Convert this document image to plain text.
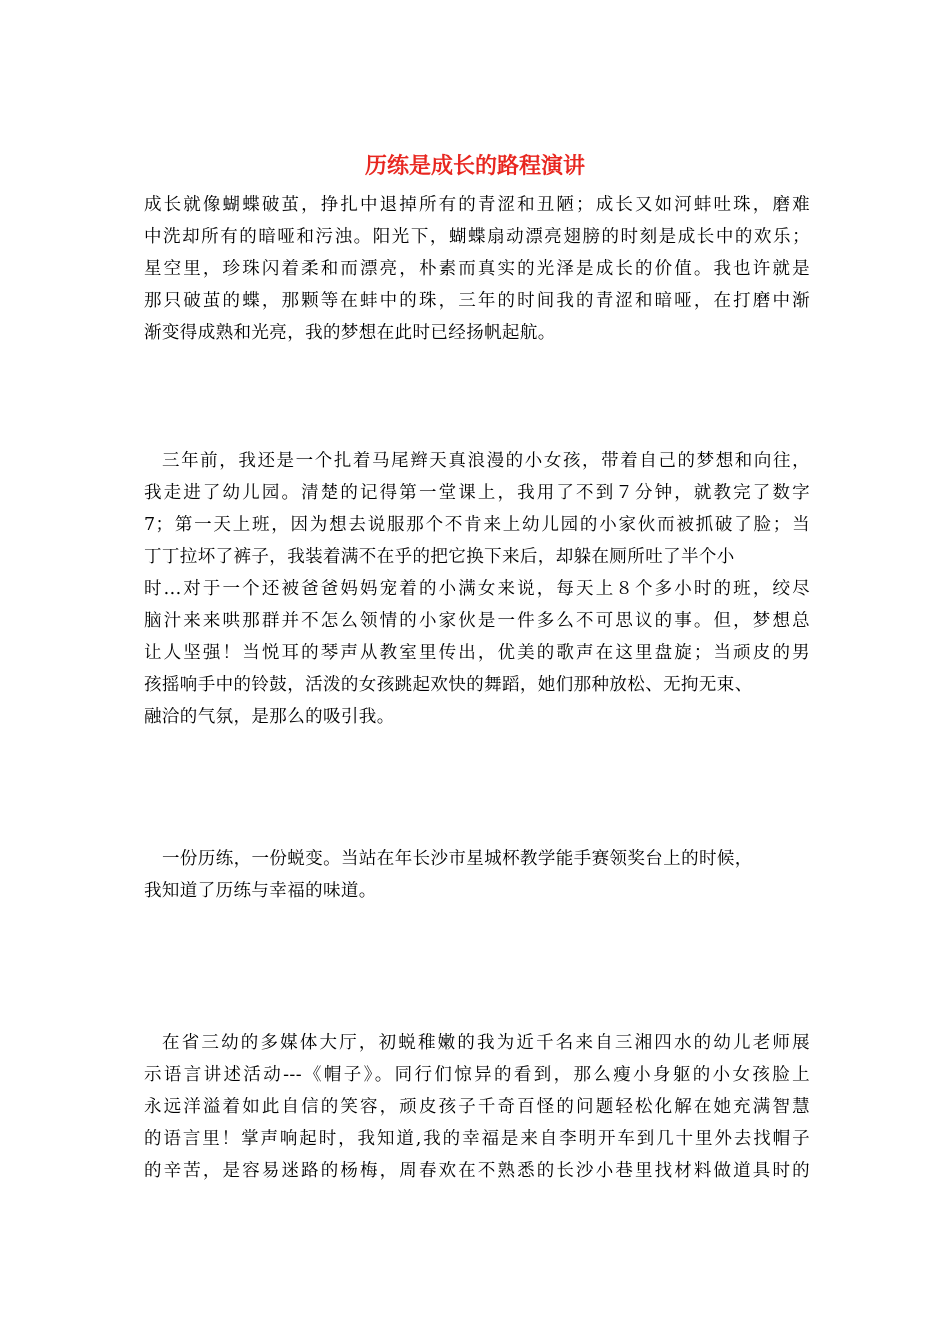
历练是成长的路程演讲
成长就像蝴蝶破茧，挣扎中退掉所有的青涩和丑陋；成长又如河蚌吐珠，磨难
中洗却所有的暗哑和污浊。阳光下，蝴蝶扇动漂亮翅膀的时刻是成长中的欢乐；
星空里，珍珠闪着柔和而漂亮，朴素而真实的光泽是成长的价值。我也许就是
那只破茧的蝶，那颗等在蚌中的珠，三年的时间我的青涩和暗哑，在打磨中渐
渐变得成熟和光亮，我的梦想在此时已经扬帆起航。
三年前，我还是一个扎着马尾辫天真浪漫的小女孩，带着自己的梦想和向往，
我走进了幼儿园。清楚的记得第一堂课上，我用了不到７分钟，就教完了数字
7；第一天上班，因为想去说服那个不肯来上幼儿园的小家伙而被抓破了脸；当
丁丁拉坏了裤子，我装着满不在乎的把它换下来后，却躲在厕所吐了半个小
时...对于一个还被爸爸妈妈宠着的小满女来说，每天上８个多小时的班，绞尽
脑汁来来哄那群并不怎么领情的小家伙是一件多么不可思议的事。但，梦想总
让人坚强！当悦耳的琴声从教室里传出，优美的歌声在这里盘旋；当顽皮的男
孩摇响手中的铃鼓，活泼的女孩跳起欢快的舞蹈，她们那种放松、无拘无束、
融洽的气氛，是那么的吸引我。
一份历练，一份蜕变。当站在年长沙市星城杯教学能手赛领奖台上的时候，
我知道了历练与幸福的味道。
在省三幼的多媒体大厅，初蜕稚嫩的我为近千名来自三湘四水的幼儿老师展
示语言讲述活动---《帽子》。同行们惊异的看到，那么瘦小身躯的小女孩脸上
永远洋溢着如此自信的笑容，顽皮孩子千奇百怪的问题轻松化解在她充满智慧
的语言里！掌声响起时，我知道,我的幸福是来自李明开车到几十里外去找帽子
的辛苦，是容易迷路的杨梅，周春欢在不熟悉的长沙小巷里找材料做道具时的
